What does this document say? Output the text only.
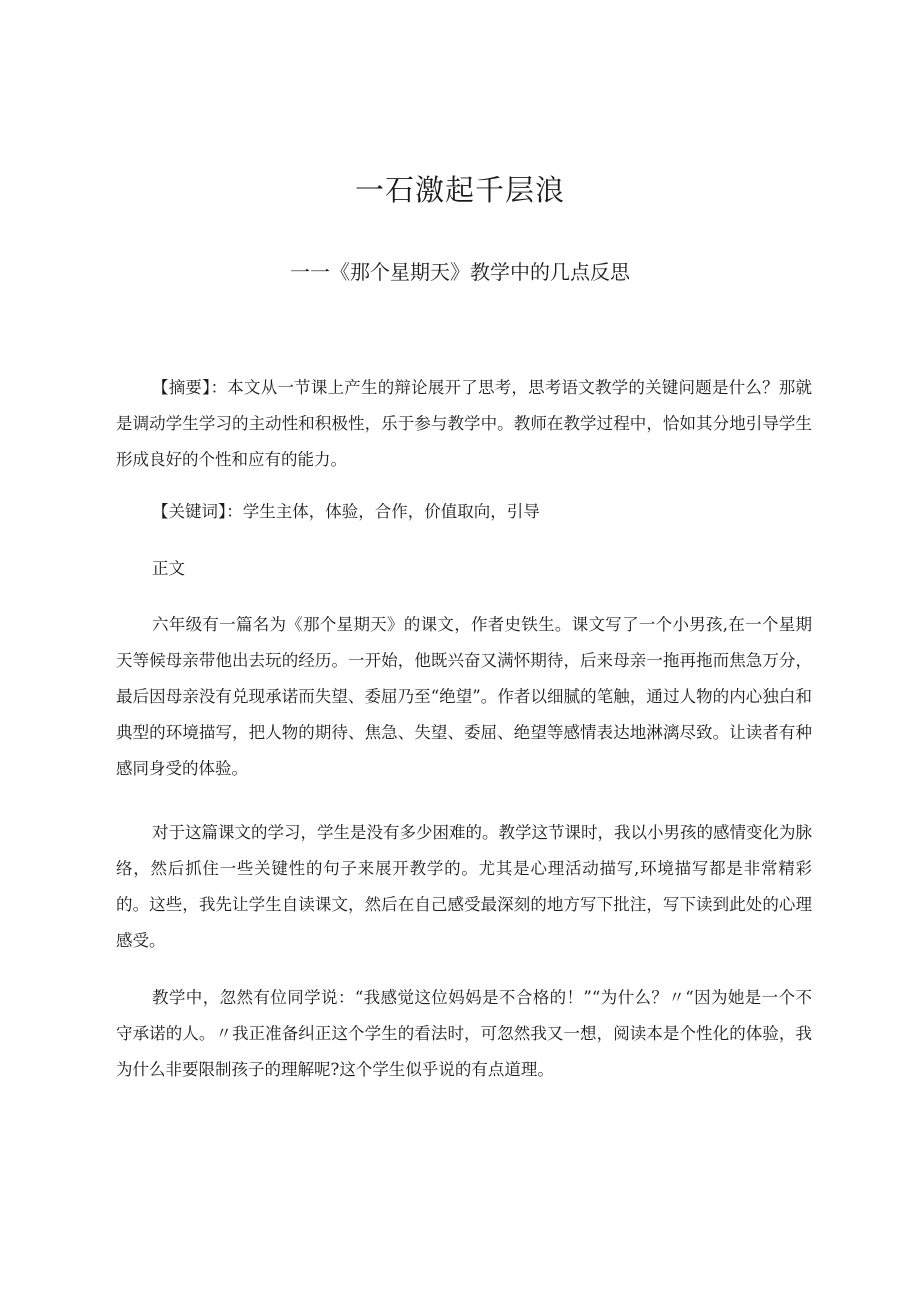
一石激起千层浪
一一《那个星期天》教学中的几点反思

【摘要】：本文从一节课上产生的辩论展开了思考，思考语文教学的关键问题是什么？那就是调动学生学习的主动性和积极性，乐于参与教学中。教师在教学过程中，恰如其分地引导学生形成良好的个性和应有的能力。

【关键词】：学生主体，体验，合作，价值取向，引导

正文

六年级有一篇名为《那个星期天》的课文，作者史铁生。课文写了一个小男孩,在一个星期天等候母亲带他出去玩的经历。一开始，他既兴奋又满怀期待，后来母亲一拖再拖而焦急万分，最后因母亲没有兑现承诺而失望、委屈乃至“绝望”。作者以细腻的笔触，通过人物的内心独白和典型的环境描写，把人物的期待、焦急、失望、委屈、绝望等感情表达地淋漓尽致。让读者有种感同身受的体验。

对于这篇课文的学习，学生是没有多少困难的。教学这节课时，我以小男孩的感情变化为脉络，然后抓住一些关键性的句子来展开教学的。尤其是心理活动描写,环境描写都是非常精彩的。这些，我先让学生自读课文，然后在自己感受最深刻的地方写下批注，写下读到此处的心理感受。

教学中，忽然有位同学说：“我感觉这位妈妈是不合格的！”“为什么？〃“因为她是一个不守承诺的人。〃我正准备纠正这个学生的看法时，可忽然我又一想，阅读本是个性化的体验，我为什么非要限制孩子的理解呢?这个学生似乎说的有点道理。
